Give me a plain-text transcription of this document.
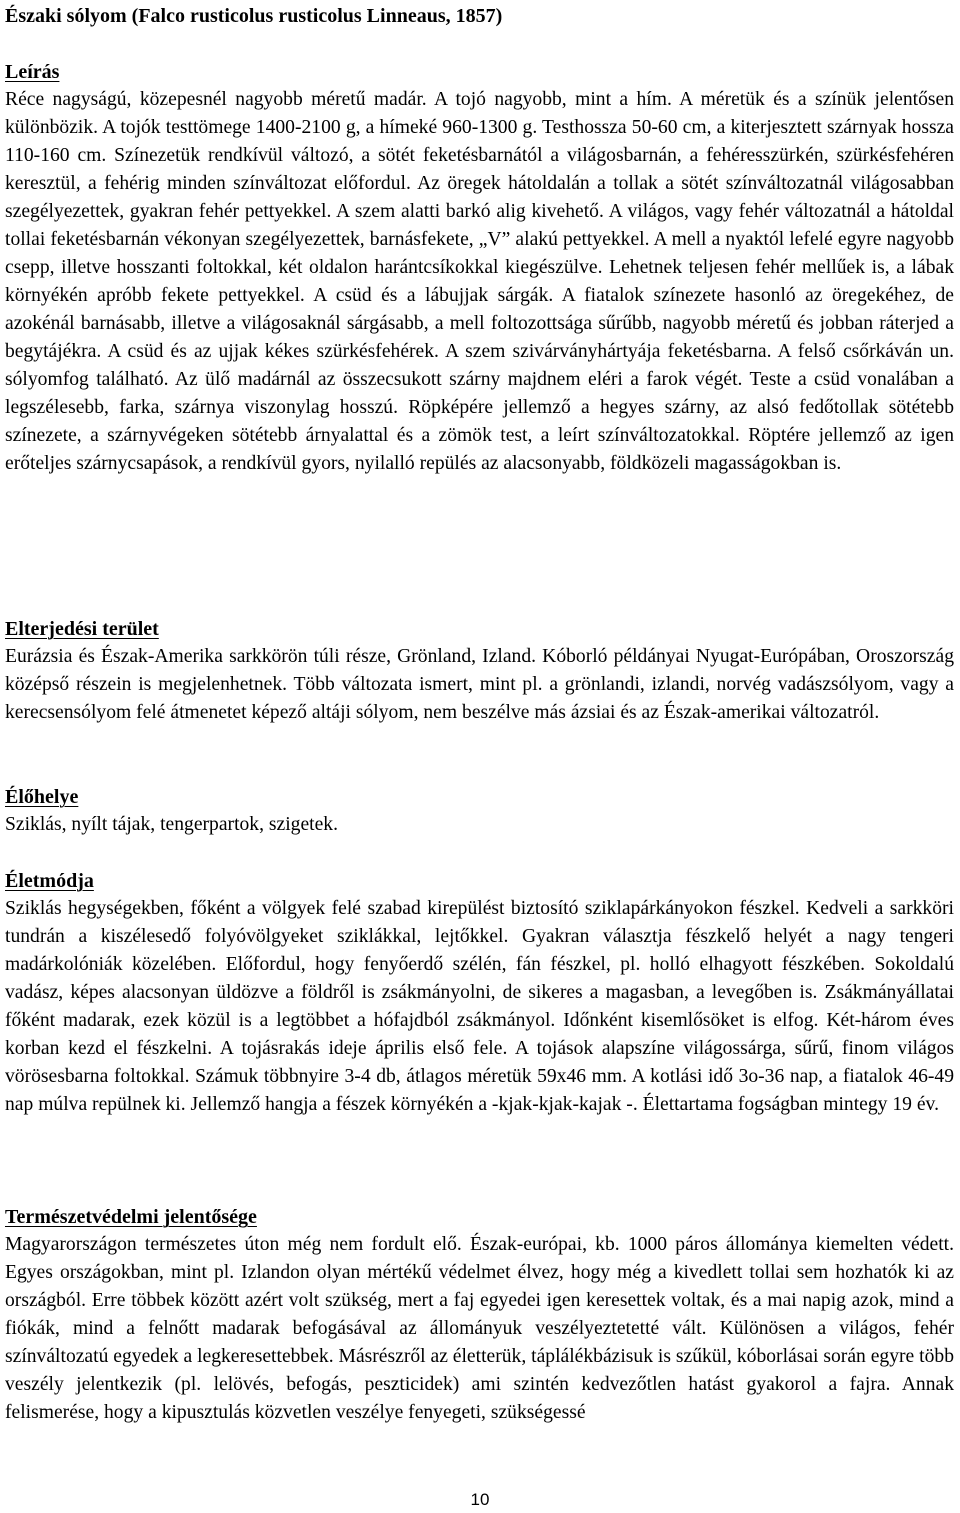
Északi sólyom (Falco rusticolus rusticolus Linneaus, 1857)
Leírás

Réce nagyságú, közepesnél nagyobb méretű madár. A tojó nagyobb, mint a hím. A méretük és a színük jelentősen különbözik. A tojók testtömege 1400-2100 g, a hímeké 960-1300 g. Testhossza 50-60 cm, a kiterjesztett szárnyak hossza 110-160 cm. Színezetük rendkívül változó, a sötét feketésbarnától a világosbarnán, a fehéresszürkén, szürkésfehéren keresztül, a fehérig minden színváltozat előfordul. Az öregek hátoldalán a tollak a sötét színváltozatnál világosabban szegélyezettek, gyakran fehér pettyekkel. A szem alatti barkó alig kivehető. A világos, vagy fehér változatnál a hátoldal tollai feketésbarnán vékonyan szegélyezettek, barnásfekete, „V” alakú pettyekkel. A mell a nyaktól lefelé egyre nagyobb csepp, illetve hosszanti foltokkal, két oldalon harántcsíkokkal kiegészülve. Lehetnek teljesen fehér mellűek is, a lábak környékén apróbb fekete pettyekkel. A csüd és a lábujjak sárgák. A fiatalok színezete hasonló az öregekéhez, de azokénál barnásabb, illetve a világosaknál sárgásabb, a mell foltozottsága sűrűbb, nagyobb méretű és jobban ráterjed a begytájékra. A csüd és az ujjak kékes szürkésfehérek. A szem szivárványhártyája feketésbarna. A felső csőrkáván un. sólyomfog található. Az ülő madárnál az összecsukott szárny majdnem eléri a farok végét. Teste a csüd vonalában a legszélesebb, farka, szárnya viszonylag hosszú. Röpképére jellemző a hegyes szárny, az alsó fedőtollak sötétebb színezete, a szárnyvégeken sötétebb árnyalattal és a zömök test, a leírt színváltozatokkal. Röptére jellemző az igen erőteljes szárnycsapások, a rendkívül gyors, nyilalló repülés az alacsonyabb, földközeli magasságokban is.

Elterjedési terület

Eurázsia és Észak-Amerika sarkkörön túli része, Grönland, Izland. Kóborló példányai Nyugat-Európában, Oroszország középső részein is megjelenhetnek. Több változata ismert, mint pl. a grönlandi, izlandi, norvég vadászsólyom, vagy a kerecsensólyom felé átmenetet képező altáji sólyom, nem beszélve más ázsiai és az Észak-amerikai változatról.

Élőhelye

Sziklás, nyílt tájak, tengerpartok, szigetek.

Életmódja

Sziklás hegységekben, főként a völgyek felé szabad kirepülést biztosító sziklapárkányokon fészkel. Kedveli a sarkköri tundrán a kiszélesedő folyóvölgyeket sziklákkal, lejtőkkel. Gyakran választja fészkelő helyét a nagy tengeri madárkolóniák közelében. Előfordul, hogy fenyőerdő szélén, fán fészkel, pl. holló elhagyott fészkében. Sokoldalú vadász, képes alacsonyan üldözve a földről is zsákmányolni, de sikeres a magasban, a levegőben is. Zsákmányállatai főként madarak, ezek közül is a legtöbbet a hófajdból zsákmányol. Időnként kisemlősöket is elfog. Két-három éves korban kezd el fészkelni. A tojásrakás ideje április első fele. A tojások alapszíne világossárga, sűrű, finom világos vörösesbarna foltokkal. Számuk többnyire 3-4 db, átlagos méretük 59x46 mm. A kotlási idő 3o-36 nap, a fiatalok 46-49 nap múlva repülnek ki. Jellemző hangja a fészek környékén a -kjak-kjak-kajak -. Élettartama fogságban mintegy 19 év.

Természetvédelmi jelentősége

Magyarországon természetes úton még nem fordult elő. Észak-európai, kb. 1000 páros állománya kiemelten védett. Egyes országokban, mint pl. Izlandon olyan mértékű védelmet élvez, hogy még a kivedlett tollai sem hozhatók ki az országból. Erre többek között azért volt szükség, mert a faj egyedei igen keresettek voltak, és a mai napig azok, mind a fiókák, mind a felnőtt madarak befogásával az állományuk veszélyeztetetté vált. Különösen a világos, fehér színváltozatú egyedek a legkeresettebbek. Másrészről az életterük, táplálékbázisuk is szűkül, kóborlásai során egyre több veszély jelentkezik (pl. lelövés, befogás, peszticidek) ami szintén kedvezőtlen hatást gyakorol a fajra. Annak felismerése, hogy a kipusztulás közvetlen veszélye fenyegeti, szükségessé

10
